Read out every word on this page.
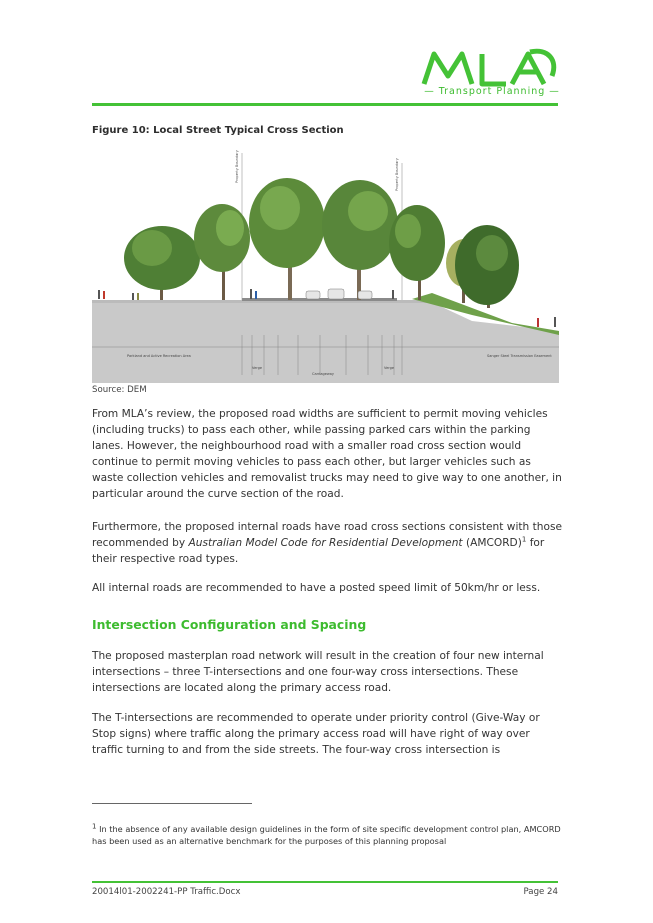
— Transport Planning —
Figure 10: Local Street Typical Cross Section
Property Boundary	Property Boundary
Parkland and Active Recreation Area	Sanger Steel Transmission Easement
Verge
Carriageway
Verge
Source: DEM

From MLA’s review, the proposed road widths are sufficient to permit moving vehicles (including trucks) to pass each other, while passing parked cars within the parking lanes. However, the neighbourhood road with a smaller road cross section would continue to permit moving vehicles to pass each other, but larger vehicles such as waste collection vehicles and removalist trucks may need to give way to one another, in particular around the curve section of the road.

Furthermore, the proposed internal roads have road cross sections consistent with those recommended by Australian Model Code for Residential Development (AMCORD)$^1$ for their respective road types.

All internal roads are recommended to have a posted speed limit of 50km/hr or less.

Intersection Configuration and Spacing

The proposed masterplan road network will result in the creation of four new internal intersections – three T-intersections and one four-way cross intersections. These intersections are located along the primary access road.

The T-intersections are recommended to operate under priority control (Give-Way or Stop signs) where traffic along the primary access road will have right of way over traffic turning to and from the side streets. The four-way cross intersection is

$^1$ In the absence of any available design guidelines in the form of site specific development control plan, AMCORD has been used as an alternative benchmark for the purposes of this planning proposal
20014l01-2002241-PP Traffic.Docx	Page 24
